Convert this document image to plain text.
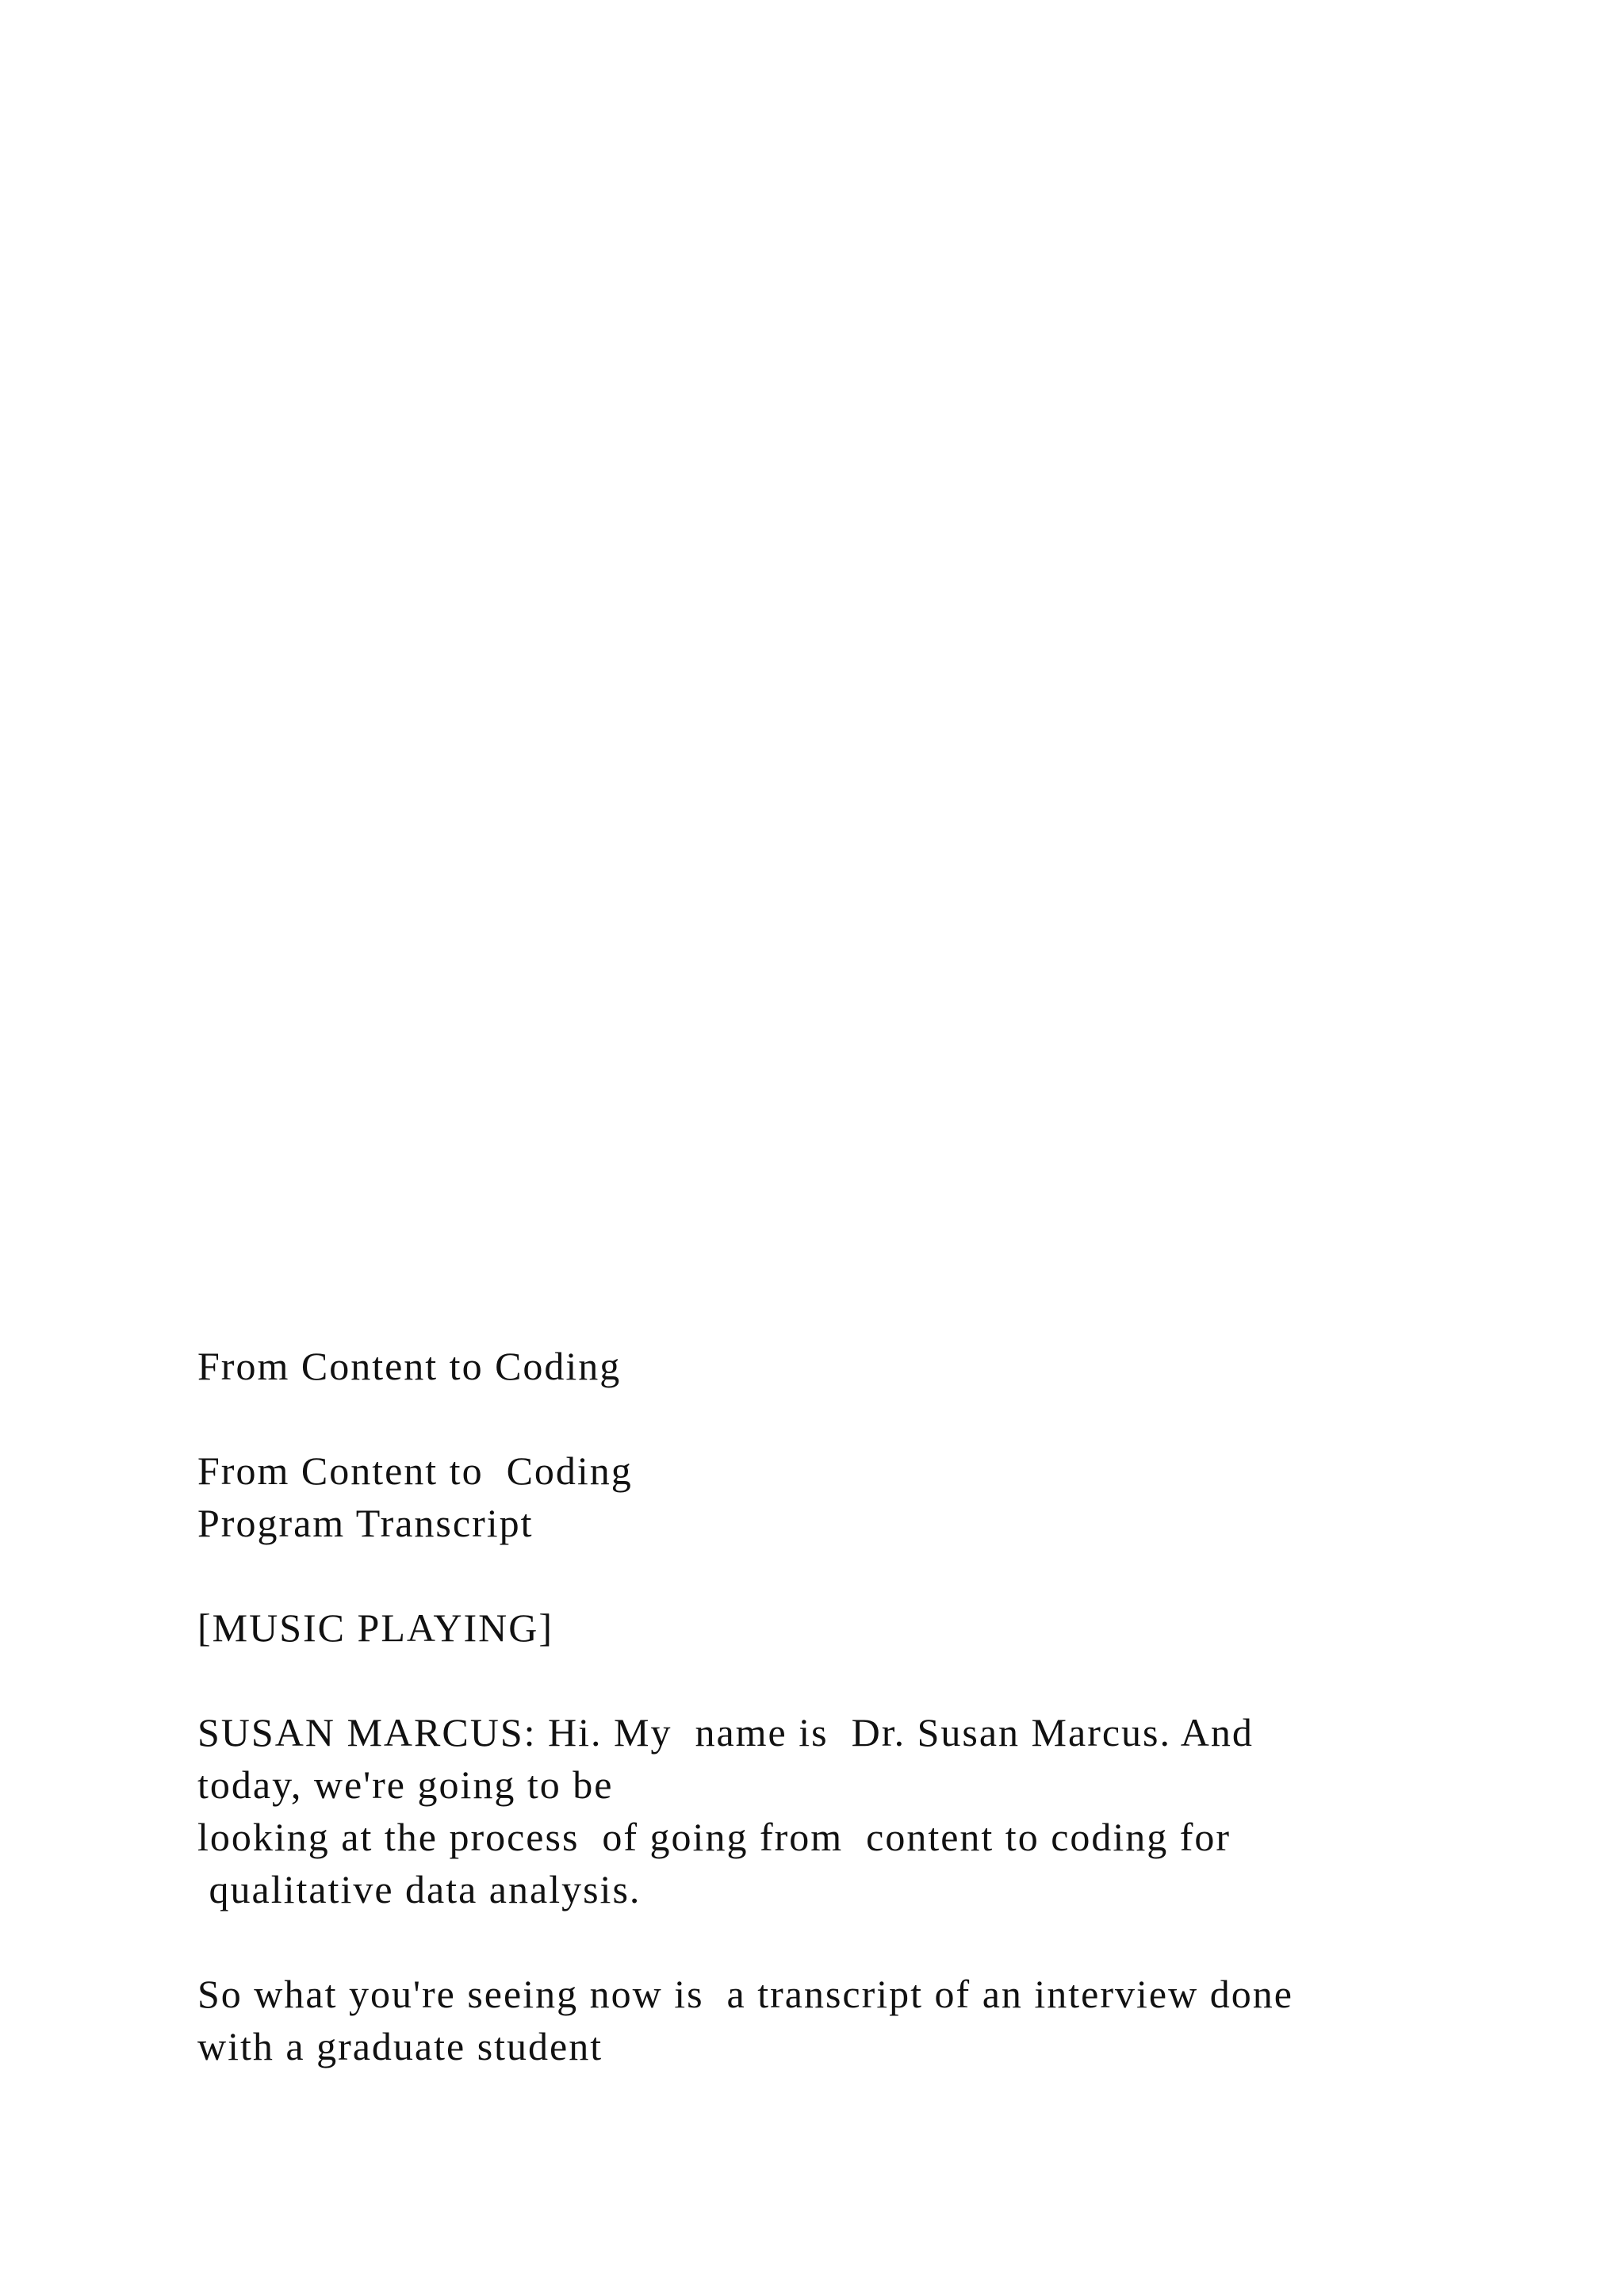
From Content to Coding
From Content to  Coding
Program Transcript
[MUSIC PLAYING]
SUSAN MARCUS: Hi. My  name is  Dr. Susan Marcus. And
today, we're going to be
looking at the process  of going from  content to coding for
qualitative data analysis.
So what you're seeing now is  a transcript of an interview done
with a graduate student
